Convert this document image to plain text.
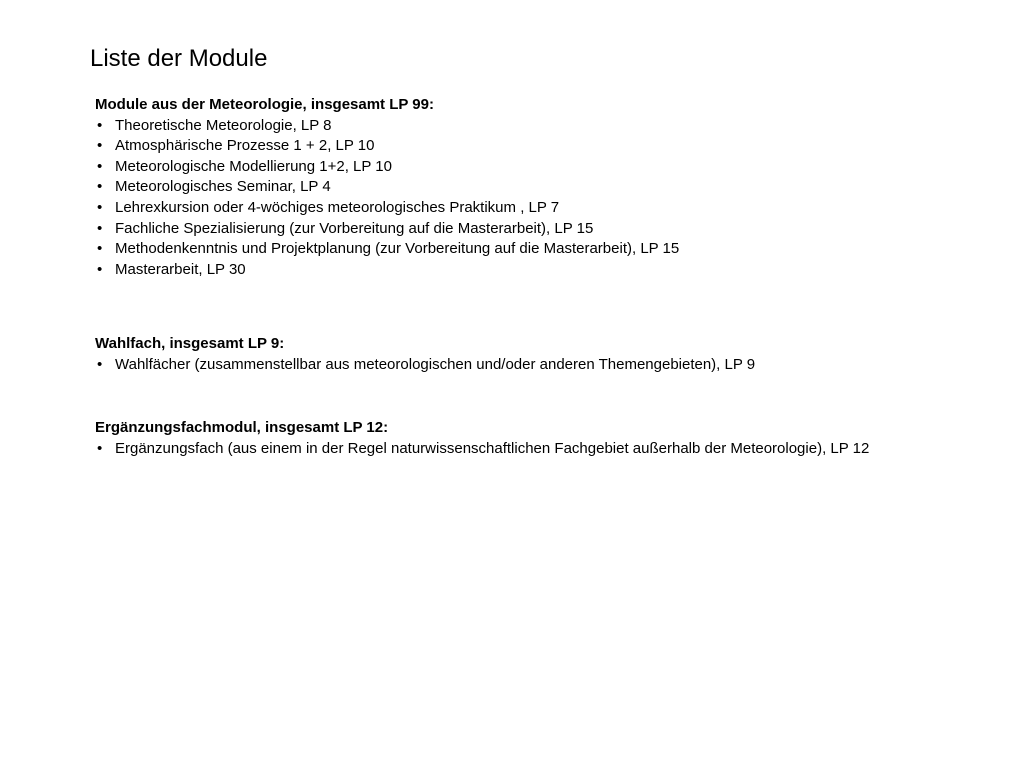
Liste der Module

Module aus der Meteorologie, insgesamt LP 99:

• Theoretische Meteorologie, LP 8
• Atmosphärische Prozesse 1 + 2, LP 10
• Meteorologische Modellierung 1+2, LP 10
• Meteorologisches Seminar, LP 4
• Lehrexkursion oder 4-wöchiges meteorologisches Praktikum , LP 7
• Fachliche Spezialisierung (zur Vorbereitung auf die Masterarbeit), LP 15
• Methodenkenntnis und Projektplanung (zur Vorbereitung auf die Masterarbeit), LP 15
• Masterarbeit, LP 30

Wahlfach, insgesamt LP 9:

• Wahlfächer (zusammenstellbar aus meteorologischen und/oder anderen Themengebieten), LP 9

Ergänzungsfachmodul, insgesamt LP 12:

• Ergänzungsfach (aus einem in der Regel naturwissenschaftlichen Fachgebiet außerhalb der Meteorologie), LP 12
